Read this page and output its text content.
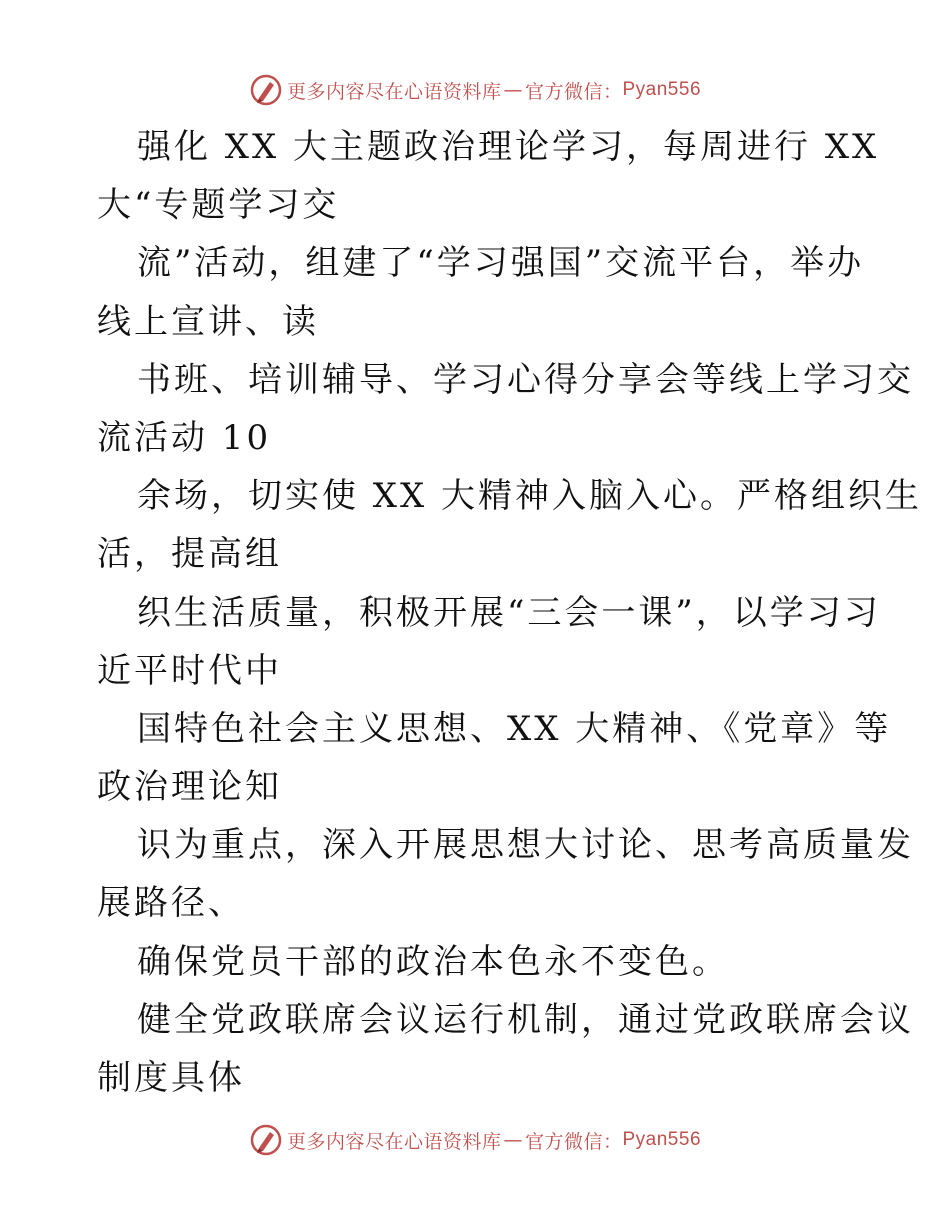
更多内容尽在心语资料库 — 官方微信： Pyan556
强化 XX 大主题政治理论学习，每周进行 XX
大“专题学习交
流”活动，组建了“学习强国”交流平台，举办
线上宣讲、读
书班、培训辅导、学习心得分享会等线上学习交
流活动 10
余场，切实使 XX 大精神入脑入心。严格组织生
活，提高组
织生活质量，积极开展“三会一课”，以学习习
近平时代中
国特色社会主义思想、XX 大精神、《党章》等
政治理论知
识为重点，深入开展思想大讨论、思考高质量发
展路径、
确保党员干部的政治本色永不变色。
健全党政联席会议运行机制，通过党政联席会议
制度具体
更多内容尽在心语资料库 — 官方微信： Pyan556
